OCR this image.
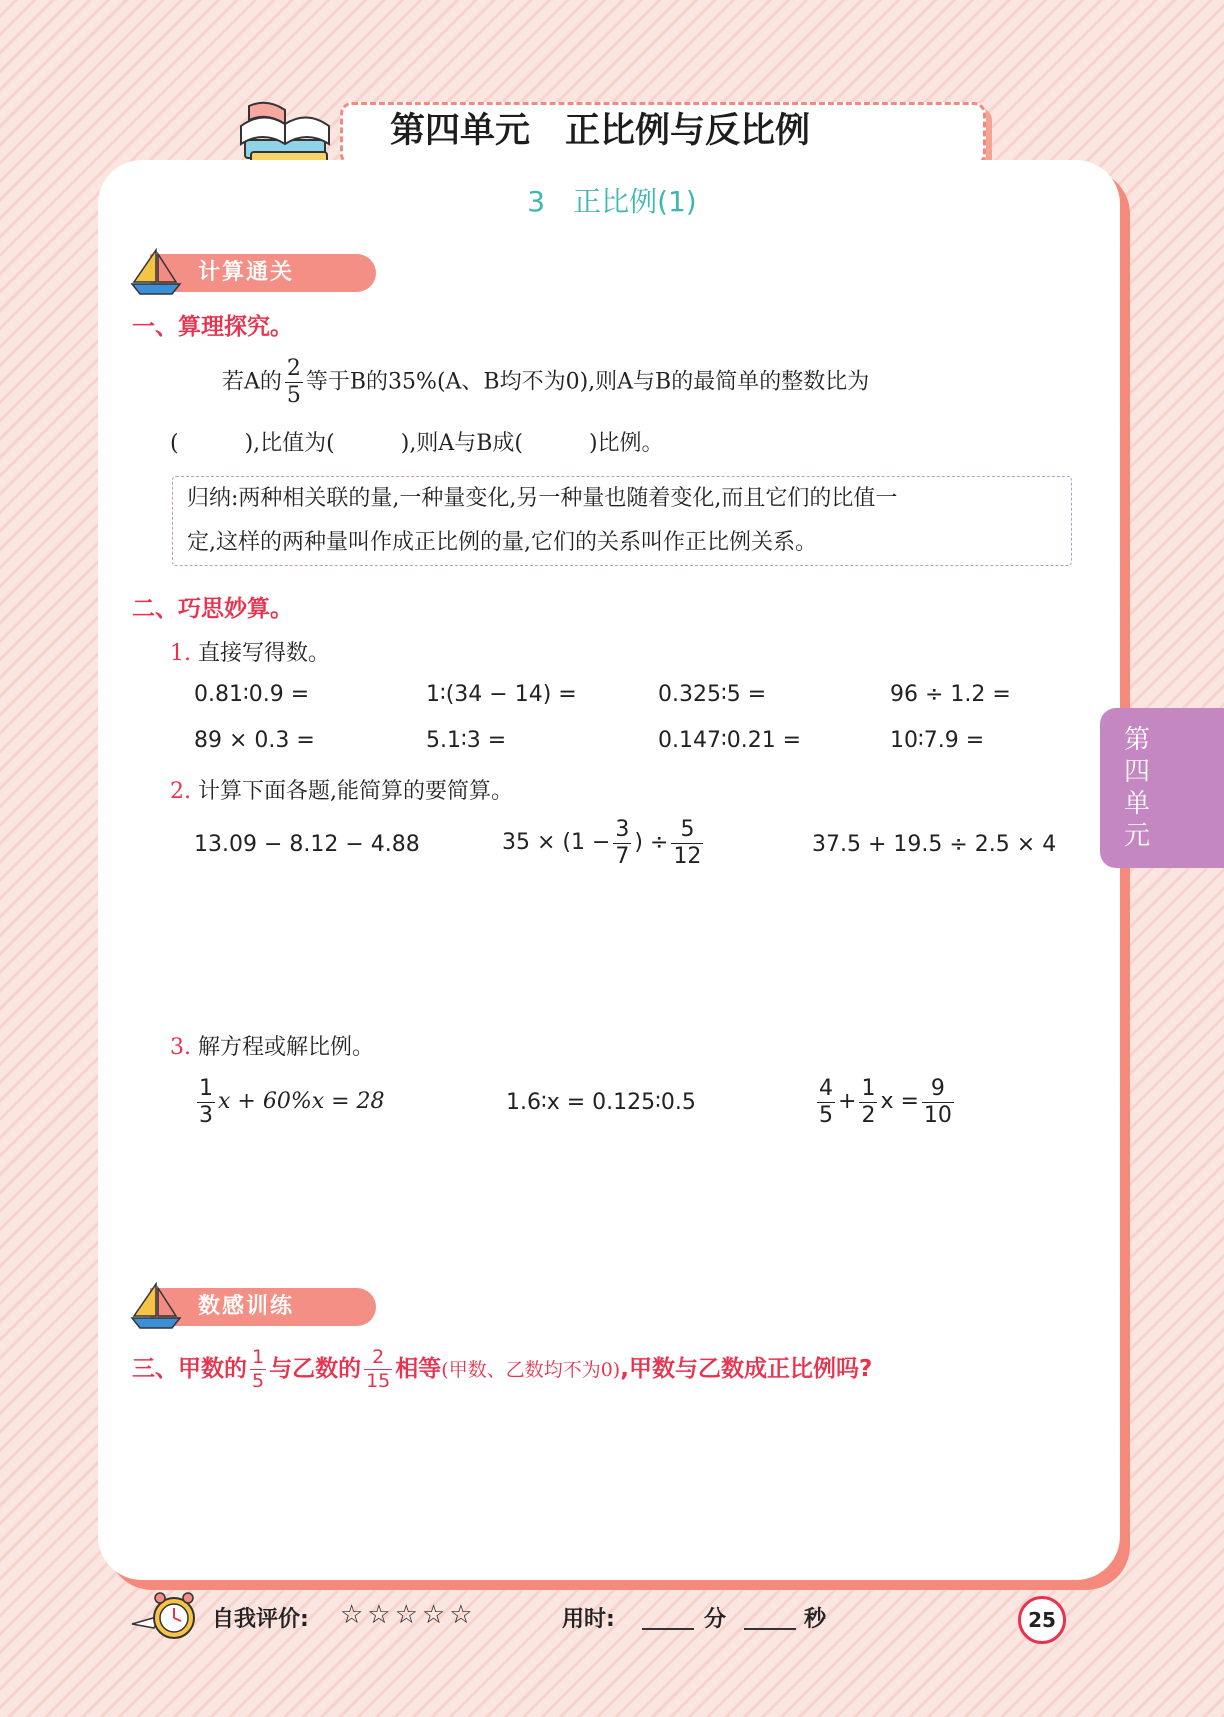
第四单元　正比例与反比例
3　正比例(1)
第四单元
计算通关
一、算理探究。
若A的 $\frac{2}{5}$ 等于B的35%(A、B均不为0),则A与B的最简单的整数比为
(　　　),比值为(　　　),则A与B成(　　　)比例。
归纳:两种相关联的量,一种量变化,另一种量也随着变化,而且它们的比值一
定,这样的两种量叫作成正比例的量,它们的关系叫作正比例关系。
二、巧思妙算。
1. 直接写得数。
0.81∶0.9 =	1∶(34 − 14) =	0.325∶5 =	96 ÷ 1.2 =
89 × 0.3 =	5.1∶3 =	0.147∶0.21 =	10∶7.9 =
2. 计算下面各题,能简算的要简算。
13.09 − 8.12 − 4.88	$35 \times (1 - \frac{3}{7}$ ) ÷ $\frac{5}{12}$	37.5 + 19.5 ÷ 2.5 × 4
3. 解方程或解比例。
$\frac{1}{3}$ x + 60%x = 28	1.6∶x = 0.125∶0.5	$\frac{4}{5} + \frac{1}{2}$ $x = \frac{9}{10}$
数感训练
三、甲数的 $\frac{1}{5}$ 与乙数的 $\frac{2}{15}$ 相等(甲数、乙数均不为0),甲数与乙数成正比例吗?
自我评价: ☆☆☆☆☆	用时:	分	秒	25
